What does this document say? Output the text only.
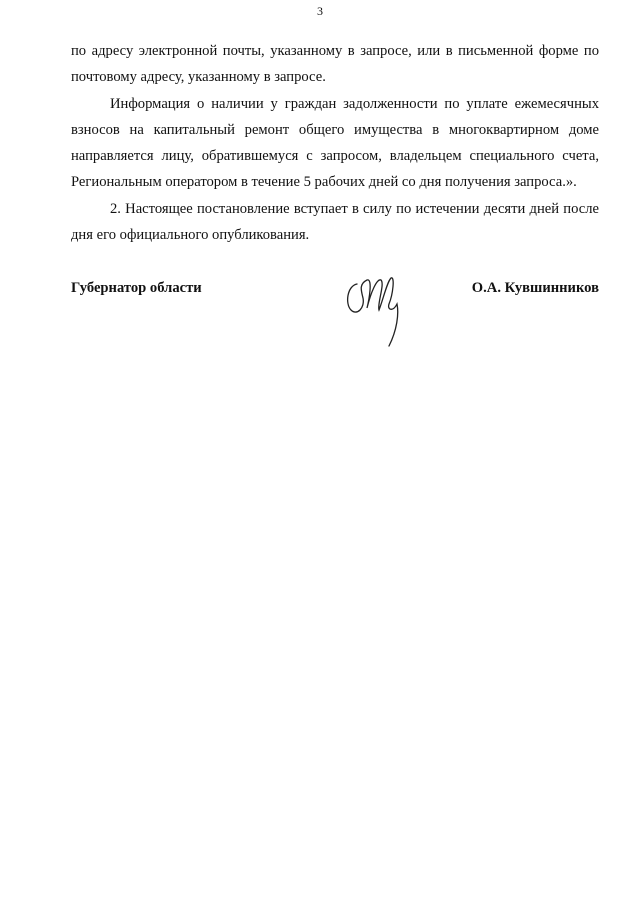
3

по адресу электронной почты, указанному в запросе, или в письменной форме по почтовому адресу, указанному в запросе.

Информация о наличии у граждан задолженности по уплате ежемесячных взносов на капитальный ремонт общего имущества в многоквартирном доме направляется лицу, обратившемуся с запросом, владельцем специального счета, Региональным оператором в течение 5 рабочих дней со дня получения запроса.».

2. Настоящее постановление вступает в силу по истечении десяти дней после дня его официального опубликования.

Губернатор области	О.А. Кувшинников
